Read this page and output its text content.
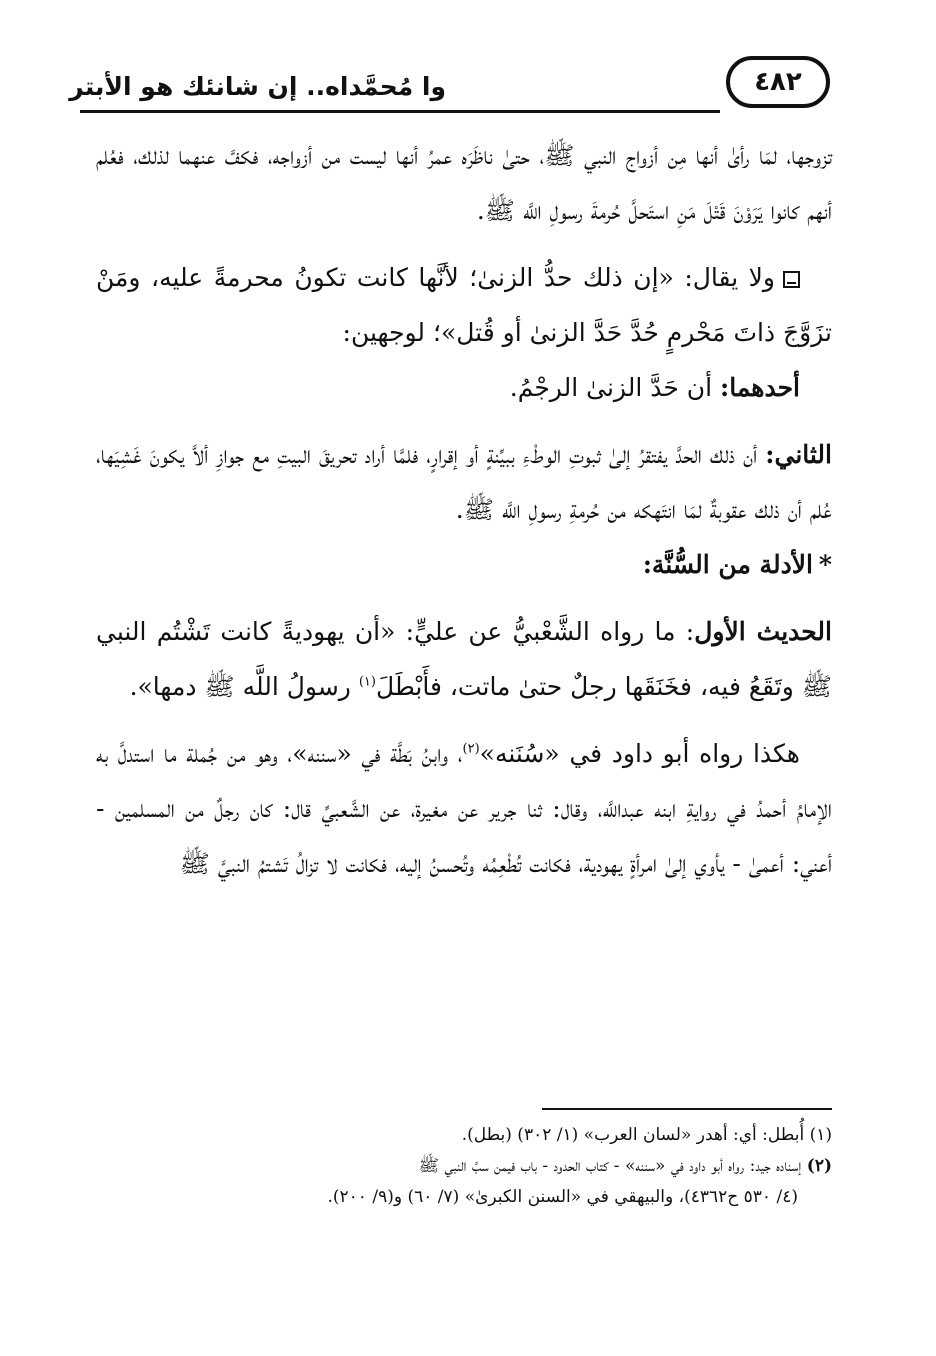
وا مُحمَّداه.. إن شانئك هو الأبتر	٤٨٢

تزوجها، لمَا رأىٰ أنها مِن أزواج النبي ﷺ، حتىٰ ناظَرَه عمرُ أنها ليست من أزواجه، فكفَّ عنهما لذلك، فعُلم أنهم كانوا يَرَوْنَ قَتْلَ مَنِ استَحلَّ حُرمةَ رسولِ اللَّه ﷺ.

ولا يقال: «إن ذلك حدُّ الزنىٰ؛ لأنَّها كانت تكونُ محرمةً عليه، ومَنْ تزَوَّجَ ذاتَ مَحْرمٍ حُدَّ حَدَّ الزنىٰ أو قُتل»؛ لوجهين:

أحدهما: أن حَدَّ الزنىٰ الرجْمُ.

الثاني: أن ذلك الحدَّ يفتقرُ إلىٰ ثبوتِ الوطْءِ ببيِّنةٍ أو إقرارٍ، فلمَّا أراد تحريقَ البيتِ مع جوازِ ألاَّ يكونَ غَشِيَها، عُلم أن ذلك عقوبةٌ لمَا انتَهكه من حُرمةِ رسولِ اللَّه ﷺ.

*الأدلة من السُّنَّة:

الحديث الأول: ما رواه الشَّعْبيُّ عن عليٍّ: «أن يهوديةً كانت تَشْتُم النبي ﷺ وتَقَعُ فيه، فخَنَقَها رجلٌ حتىٰ ماتت، فأَبْطَلَ$^{(١)}$ رسولُ اللَّه ﷺ دمها».

هكذا رواه أبو داود في «سُنَنه»$^{(٢)}$، وابنُ بَطَّة في «سننه»، وهو من جُملة ما استدلَّ به الإمامُ أحمدُ في روايةِ ابنه عبداللَّه، وقال: ثنا جرير عن مغيرة، عن الشَّعبيِّ قال: كان رجلٌ من المسلمين - أعني: أعمىٰ - يأوي إلىٰ امرأةٍ يهودية، فكانت تُطْعِمُه وتُحسنُ إليه، فكانت لا تزالُ تَشتمُ النبيَّ ﷺ

(١) أُبطل: أي: أهدر «لسان العرب» (١/ ٣٠٢) (بطل).

(٢) إسناده جيد: رواه أبو داود في «سننه» - كتاب الحدود - باب فيمن سبَّ النبي ﷺ

(٤/ ٥٣٠ ح٤٣٦٢)، والبيهقي في «السنن الكبرىٰ» (٧/ ٦٠) و(٩/ ٢٠٠).
